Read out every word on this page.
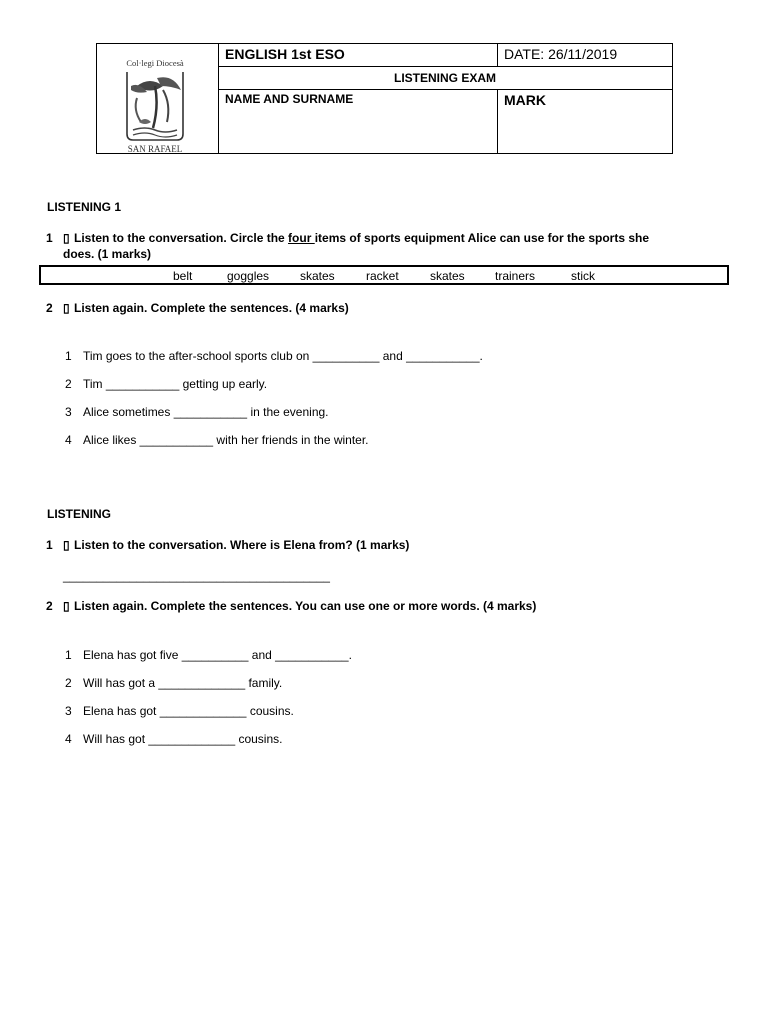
Col·legi Diocesà
SAN RAFAEL
ENGLISH 1st ESO	DATE: 26/11/2019
LISTENING EXAM
NAME AND SURNAME	MARK
LISTENING 1
1 ▯ Listen to the conversation. Circle the four items of sports equipment Alice can use for the sports she
does. (1 marks)
belt	goggles	skates	racket	skates	trainers	stick
2 ▯ Listen again. Complete the sentences. (4 marks)
1 Tim goes to the after-school sports club on __________ and ___________.
2 Tim ___________ getting up early.
3 Alice sometimes ___________ in the evening.
4 Alice likes ___________ with her friends in the winter.
LISTENING
1 ▯ Listen to the conversation. Where is Elena from? (1 marks)
________________________________________
2 ▯ Listen again. Complete the sentences. You can use one or more words. (4 marks)
1 Elena has got five __________ and ___________.
2 Will has got a _____________ family.
3 Elena has got _____________ cousins.
4 Will has got _____________ cousins.
